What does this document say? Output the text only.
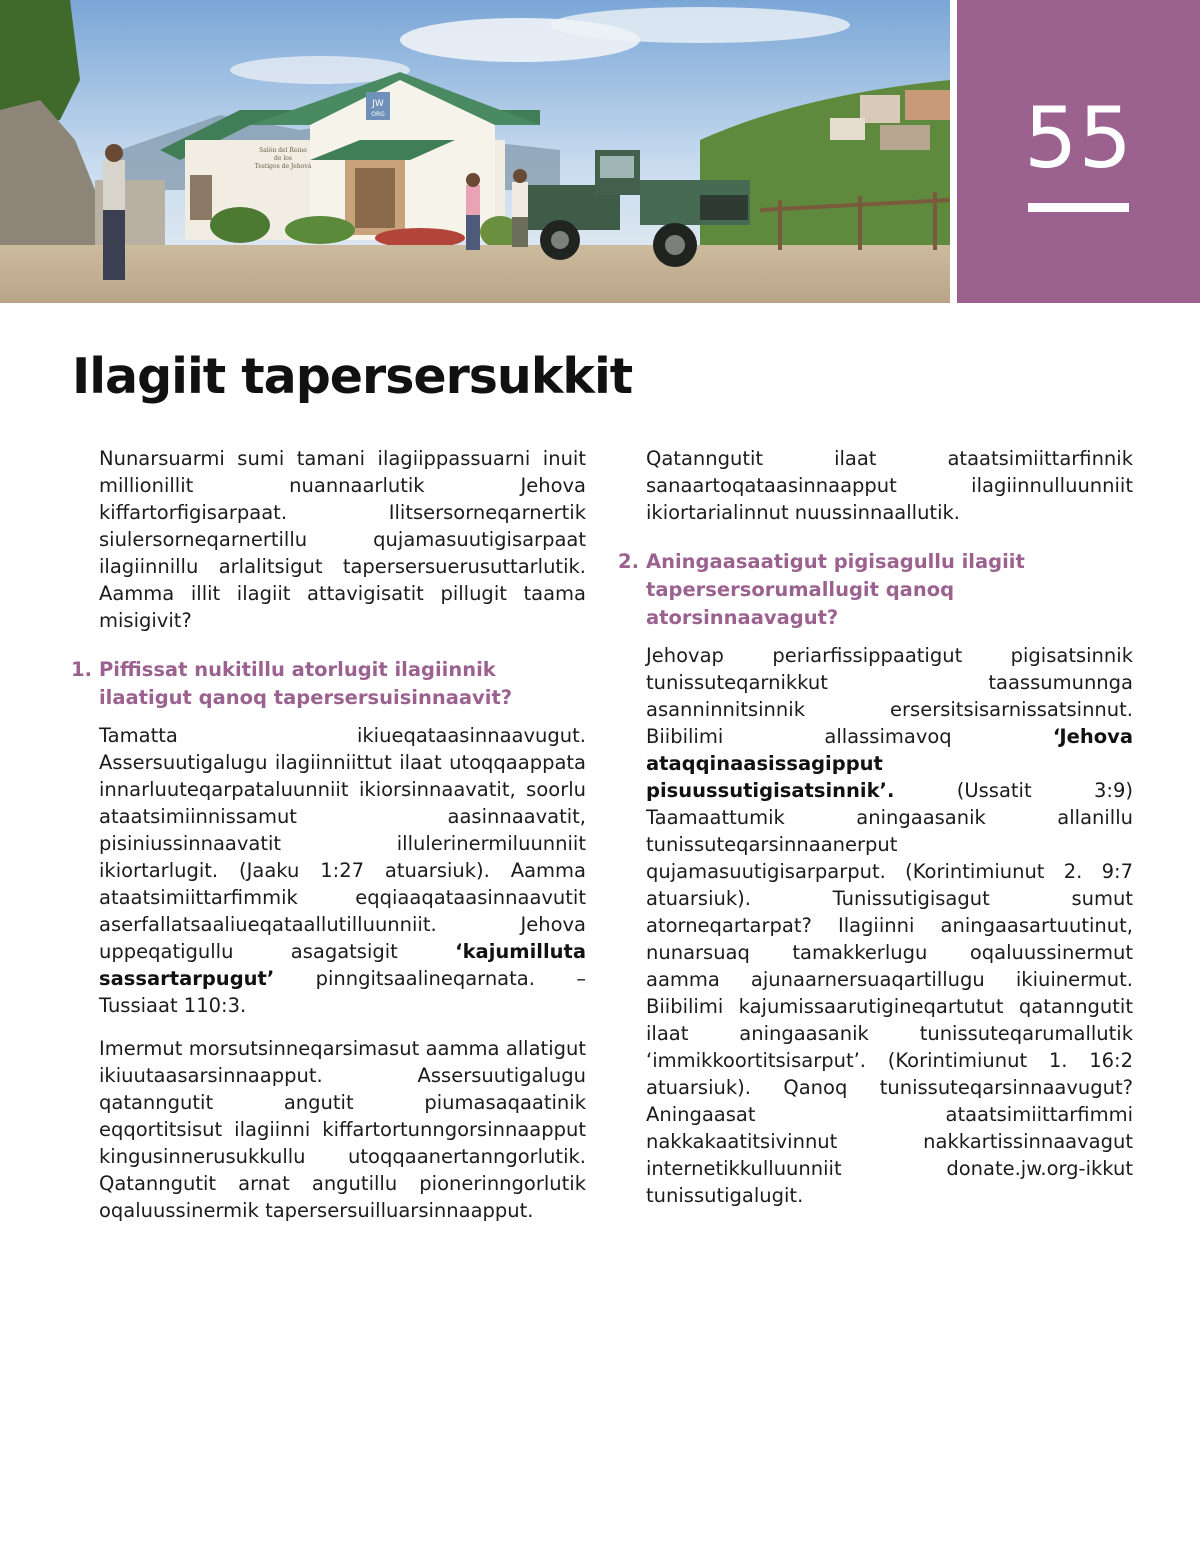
JW
ORG
Salón del Reino
de los
Testigos de Jehová	55
Ilagiit tapersersukkit

Nunarsuarmi sumi tamani ilagiippassuarni inuit millionillit nuannaarlutik Jehova kiffartorfigisarpaat. Ilitsersorneqarnertik siulersorneqarnertillu qujamasuutigisarpaat ilagiinnillu arlalitsigut tapersersuerusuttarlutik. Aamma illit ilagiit attavigisatit pillugit taama misigivit?

1. Piffissat nukitillu atorlugit ilagiinnik ilaatigut qanoq tapersersuisinnaavit?

Tamatta ikiueqataasinnaavugut. Assersuutigalugu ilagiinniittut ilaat utoqqaappata innarluuteqarpataluunniit ikiorsinnaavatit, soorlu ataatsimiinnissamut aasinnaavatit, pisiniussinnaavatit illulerinermiluunniit ikiortarlugit. (Jaaku 1:27 atuarsiuk). Aamma ataatsimiittarfimmik eqqiaaqataasinnaavutit aserfallatsaaliueqataallutilluunniit. Jehova uppeqatigullu asagatsigit	‘kajumilluta sassartarpugut’ pinngitsaalineqarnata. – Tussiaat 110:3.

Imermut morsutsinneqarsimasut aamma allatigut ikiuutaasarsinnaapput. Assersuutigalugu qatanngutit angutit piumasaqaatinik eqqortitsisut ilagiinni kiffartortunngorsinnaapput kingusinnerusukkullu utoqqaanertanngorlutik. Qatanngutit arnat angutillu pionerinngorlutik oqaluussinermik tapersersuilluarsinnaapput.

Qatanngutit ilaat ataatsimiittarfinnik sanaartoqataasinnaapput ilagiinnulluunniit ikiortarialinnut nuussinnaallutik.

2. Aningaasaatigut pigisagullu ilagiit tapersersorumallugit qanoq atorsinnaavagut?

Jehovap periarfissippaatigut pigisatsinnik tunissuteqarnikkut taassumunnga asanninnitsinnik ersersitsisarnissatsinnut. Biibilimi allassimavoq	‘Jehova ataqqinaasissagipput pisuussutigisatsinnik’.	(Ussatit 3:9) Taamaattumik aningaasanik allanillu tunissuteqarsinnaanerput qujamasuutigisarparput. (Korintimiunut 2. 9:7 atuarsiuk). Tunissutigisagut sumut atorneqartarpat? Ilagiinni aningaasartuutinut, nunarsuaq tamakkerlugu oqaluussinermut aamma ajunaarnersuaqartillugu ikiuinermut. Biibilimi kajumissaarutigineqartutut qatanngutit ilaat aningaasanik tunissuteqarumallutik ‘immikkoortitsisarput’. (Korintimiunut 1. 16:2 atuarsiuk). Qanoq tunissuteqarsinnaavugut? Aningaasat ataatsimiittarfimmi nakkakaatitsivinnut nakkartissinnaavagut internetikkulluunniit donate.jw.org-ikkut tunissutigalugit.
